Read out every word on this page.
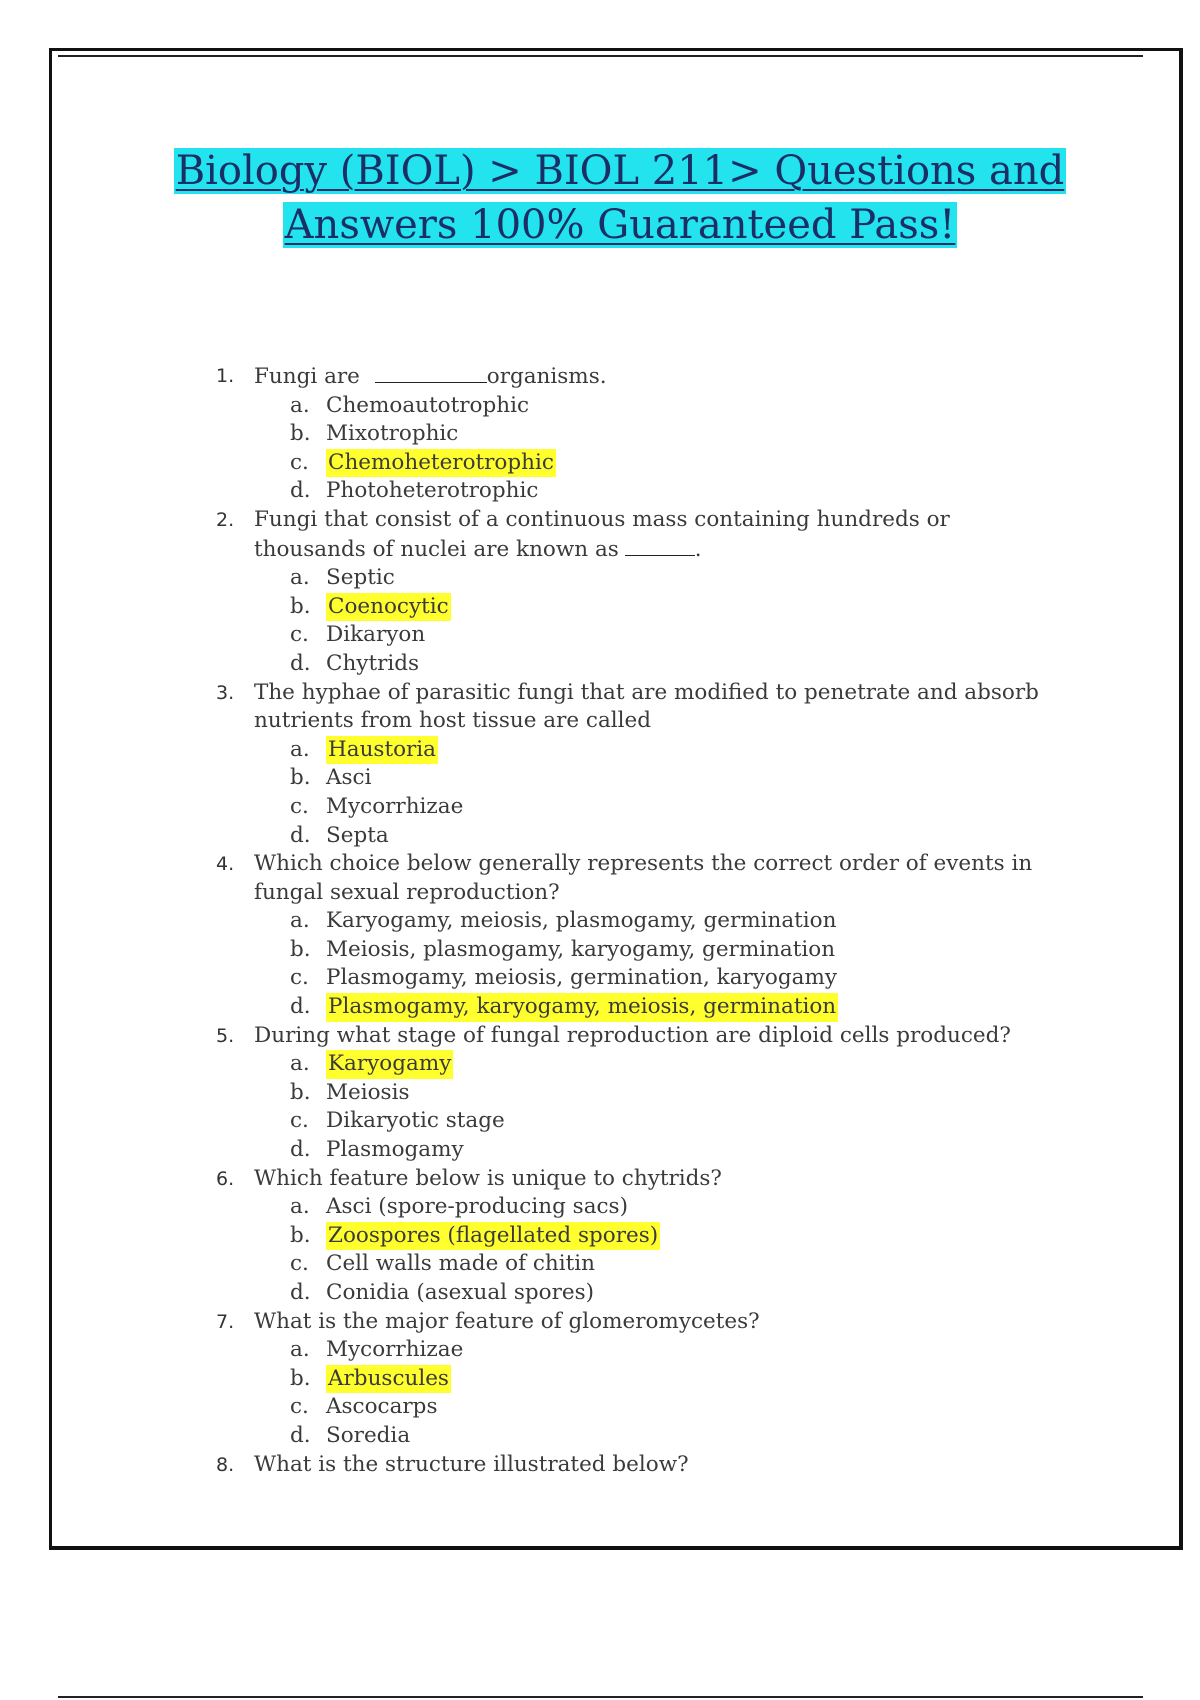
Biology (BIOL) > BIOL 211> Questions and
Answers 100% Guaranteed Pass!
1. Fungi are	organisms.
a. Chemoautotrophic
b. Mixotrophic
c. Chemoheterotrophic
d. Photoheterotrophic
2. Fungi that consist of a continuous mass containing hundreds or thousands of nuclei are known as	.
a. Septic
b. Coenocytic
c. Dikaryon
d. Chytrids
3. The hyphae of parasitic fungi that are modified to penetrate and absorb nutrients from host tissue are called
a. Haustoria
b. Asci
c. Mycorrhizae
d. Septa
4. Which choice below generally represents the correct order of events in fungal sexual reproduction?
a. Karyogamy, meiosis, plasmogamy, germination
b. Meiosis, plasmogamy, karyogamy, germination
c. Plasmogamy, meiosis, germination, karyogamy
d. Plasmogamy, karyogamy, meiosis, germination
5. During what stage of fungal reproduction are diploid cells produced?
a. Karyogamy
b. Meiosis
c. Dikaryotic stage
d. Plasmogamy
6. Which feature below is unique to chytrids?
a. Asci (spore-producing sacs)
b. Zoospores (flagellated spores)
c. Cell walls made of chitin
d. Conidia (asexual spores)
7. What is the major feature of glomeromycetes?
a. Mycorrhizae
b. Arbuscules
c. Ascocarps
d. Soredia
8. What is the structure illustrated below?
